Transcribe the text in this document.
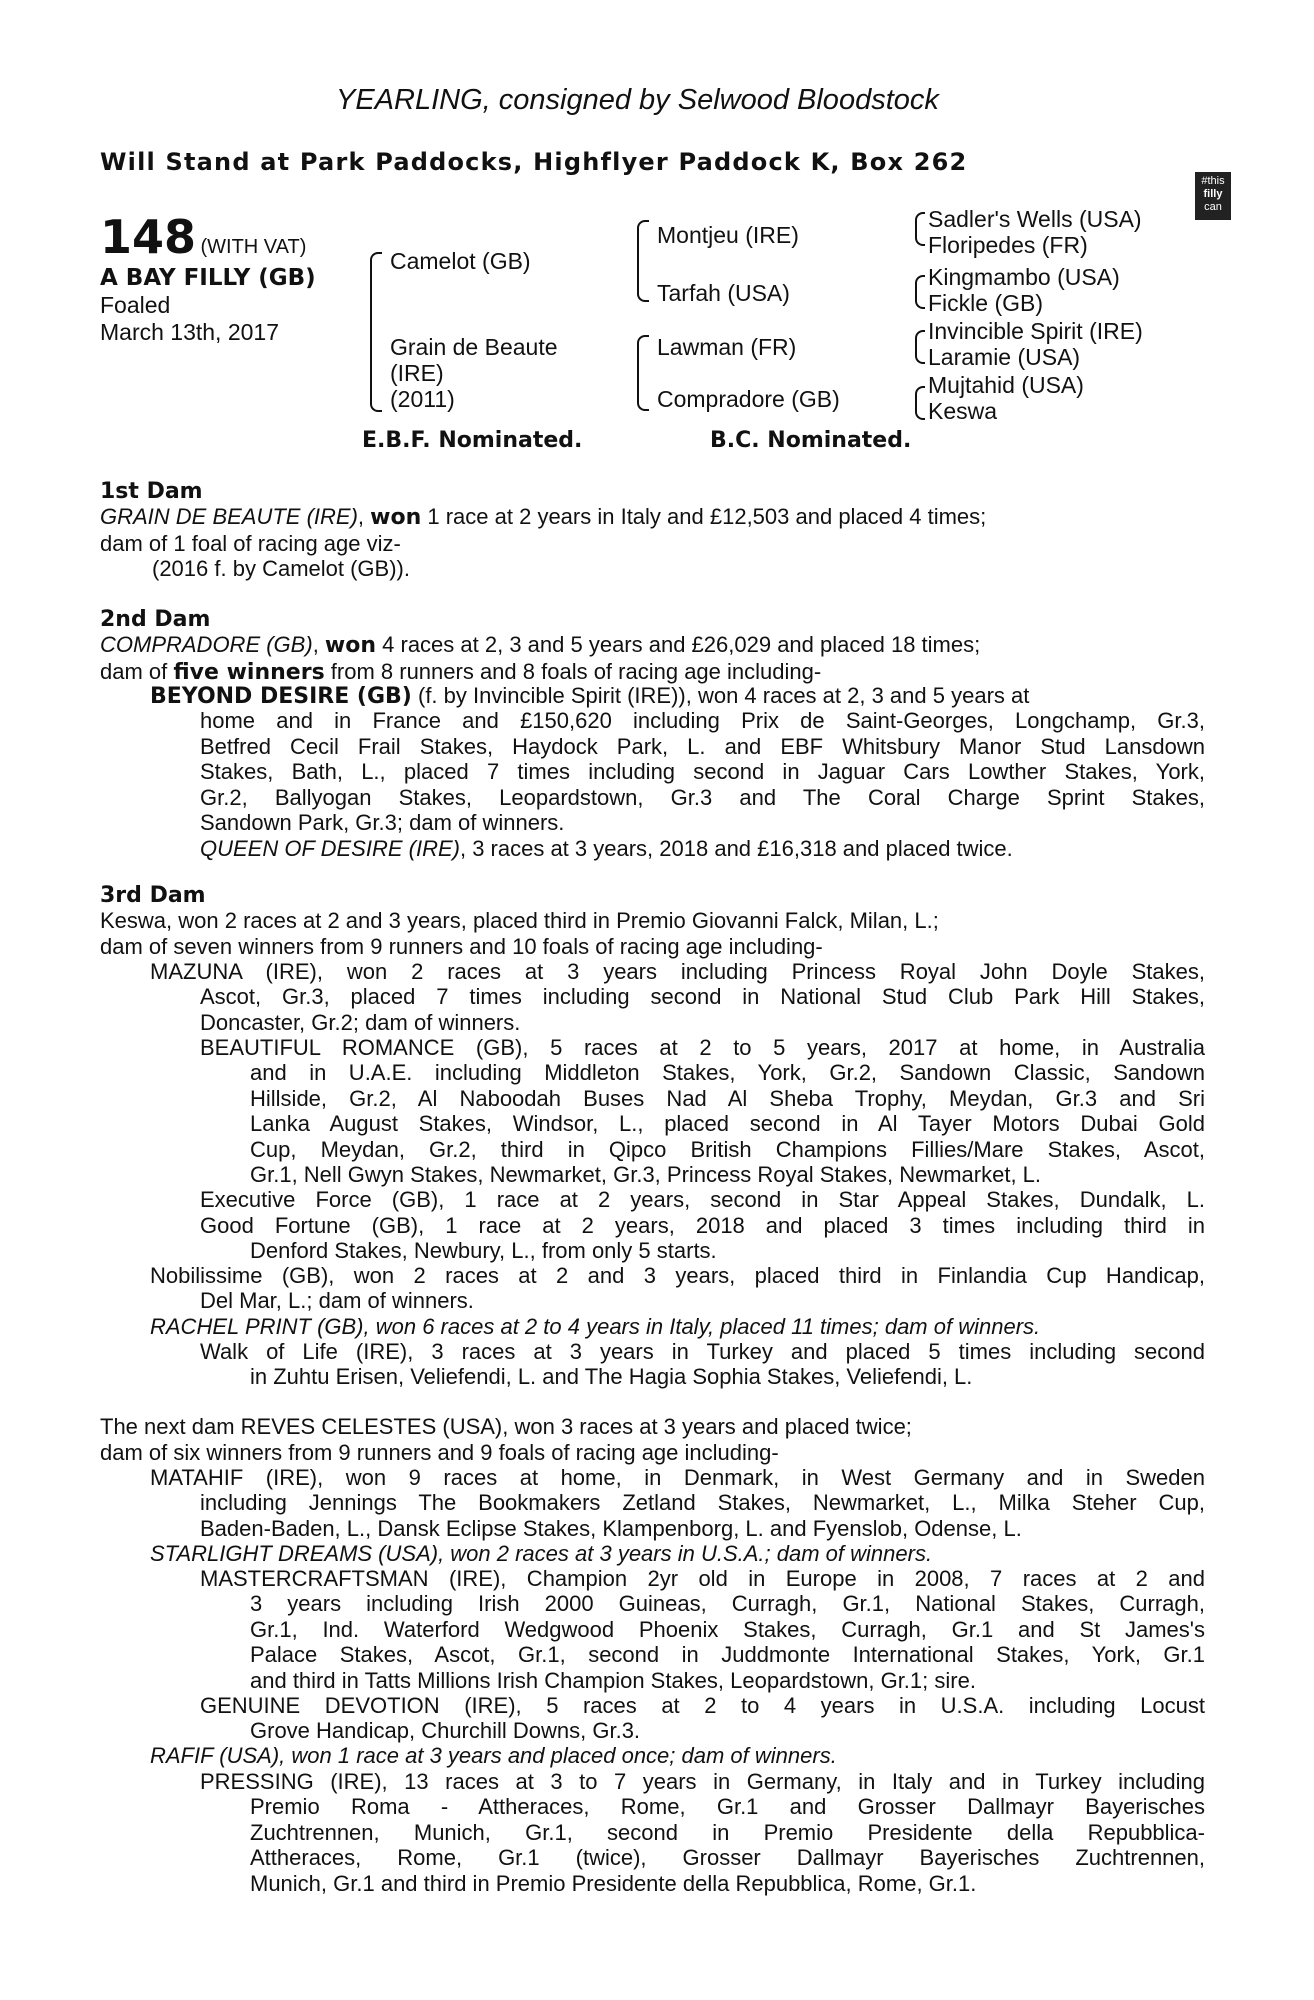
YEARLING, consigned by Selwood Bloodstock
Will Stand at Park Paddocks, Highflyer Paddock K, Box 262
#this
filly
can
148 (WITH VAT)
A BAY FILLY (GB)
Foaled
March 13th, 2017
Camelot (GB)
Grain de Beaute
(IRE)
(2011)
Montjeu (IRE)
Tarfah (USA)
Lawman (FR)
Compradore (GB)
Sadler's Wells (USA)
Floripedes (FR)
Kingmambo (USA)
Fickle (GB)
Invincible Spirit (IRE)
Laramie (USA)
Mujtahid (USA)
Keswa
E.B.F. Nominated.	B.C. Nominated.
1st Dam
GRAIN DE BEAUTE (IRE), won 1 race at 2 years in Italy and £12,503 and placed 4 times;
dam of 1 foal of racing age viz-
(2016 f. by Camelot (GB)).
2nd Dam
COMPRADORE (GB), won 4 races at 2, 3 and 5 years and £26,029 and placed 18 times;
dam of five winners from 8 runners and 8 foals of racing age including-
BEYOND DESIRE (GB) (f. by Invincible Spirit (IRE)), won 4 races at 2, 3 and 5 years at
home and in France and £150,620 including Prix de Saint-Georges, Longchamp, Gr.3,
Betfred Cecil Frail Stakes, Haydock Park, L. and EBF Whitsbury Manor Stud Lansdown
Stakes, Bath, L., placed 7 times including second in Jaguar Cars Lowther Stakes, York,
Gr.2, Ballyogan Stakes, Leopardstown, Gr.3 and The Coral Charge Sprint Stakes,
Sandown Park, Gr.3; dam of winners.
QUEEN OF DESIRE (IRE), 3 races at 3 years, 2018 and £16,318 and placed twice.
3rd Dam
Keswa, won 2 races at 2 and 3 years, placed third in Premio Giovanni Falck, Milan, L.;
dam of seven winners from 9 runners and 10 foals of racing age including-
MAZUNA (IRE), won 2 races at 3 years including Princess Royal John Doyle Stakes,
Ascot, Gr.3, placed 7 times including second in National Stud Club Park Hill Stakes,
Doncaster, Gr.2; dam of winners.
BEAUTIFUL ROMANCE (GB), 5 races at 2 to 5 years, 2017 at home, in Australia
and in U.A.E. including Middleton Stakes, York, Gr.2, Sandown Classic, Sandown
Hillside, Gr.2, Al Naboodah Buses Nad Al Sheba Trophy, Meydan, Gr.3 and Sri
Lanka August Stakes, Windsor, L., placed second in Al Tayer Motors Dubai Gold
Cup, Meydan, Gr.2, third in Qipco British Champions Fillies/Mare Stakes, Ascot,
Gr.1, Nell Gwyn Stakes, Newmarket, Gr.3, Princess Royal Stakes, Newmarket, L.
Executive Force (GB), 1 race at 2 years, second in Star Appeal Stakes, Dundalk, L.
Good Fortune (GB), 1 race at 2 years, 2018 and placed 3 times including third in
Denford Stakes, Newbury, L., from only 5 starts.
Nobilissime (GB), won 2 races at 2 and 3 years, placed third in Finlandia Cup Handicap,
Del Mar, L.; dam of winners.
RACHEL PRINT (GB), won 6 races at 2 to 4 years in Italy, placed 11 times; dam of winners.
Walk of Life (IRE), 3 races at 3 years in Turkey and placed 5 times including second
in Zuhtu Erisen, Veliefendi, L. and The Hagia Sophia Stakes, Veliefendi, L.
The next dam REVES CELESTES (USA), won 3 races at 3 years and placed twice;
dam of six winners from 9 runners and 9 foals of racing age including-
MATAHIF (IRE), won 9 races at home, in Denmark, in West Germany and in Sweden
including Jennings The Bookmakers Zetland Stakes, Newmarket, L., Milka Steher Cup,
Baden-Baden, L., Dansk Eclipse Stakes, Klampenborg, L. and Fyenslob, Odense, L.
STARLIGHT DREAMS (USA), won 2 races at 3 years in U.S.A.; dam of winners.
MASTERCRAFTSMAN (IRE), Champion 2yr old in Europe in 2008, 7 races at 2 and
3 years including Irish 2000 Guineas, Curragh, Gr.1, National Stakes, Curragh,
Gr.1, Ind. Waterford Wedgwood Phoenix Stakes, Curragh, Gr.1 and St James's
Palace Stakes, Ascot, Gr.1, second in Juddmonte International Stakes, York, Gr.1
and third in Tatts Millions Irish Champion Stakes, Leopardstown, Gr.1; sire.
GENUINE DEVOTION (IRE), 5 races at 2 to 4 years in U.S.A. including Locust
Grove Handicap, Churchill Downs, Gr.3.
RAFIF (USA), won 1 race at 3 years and placed once; dam of winners.
PRESSING (IRE), 13 races at 3 to 7 years in Germany, in Italy and in Turkey including
Premio Roma - Attheraces, Rome, Gr.1 and Grosser Dallmayr Bayerisches
Zuchtrennen, Munich, Gr.1, second in Premio Presidente della Repubblica-
Attheraces, Rome, Gr.1 (twice), Grosser Dallmayr Bayerisches Zuchtrennen,
Munich, Gr.1 and third in Premio Presidente della Repubblica, Rome, Gr.1.
